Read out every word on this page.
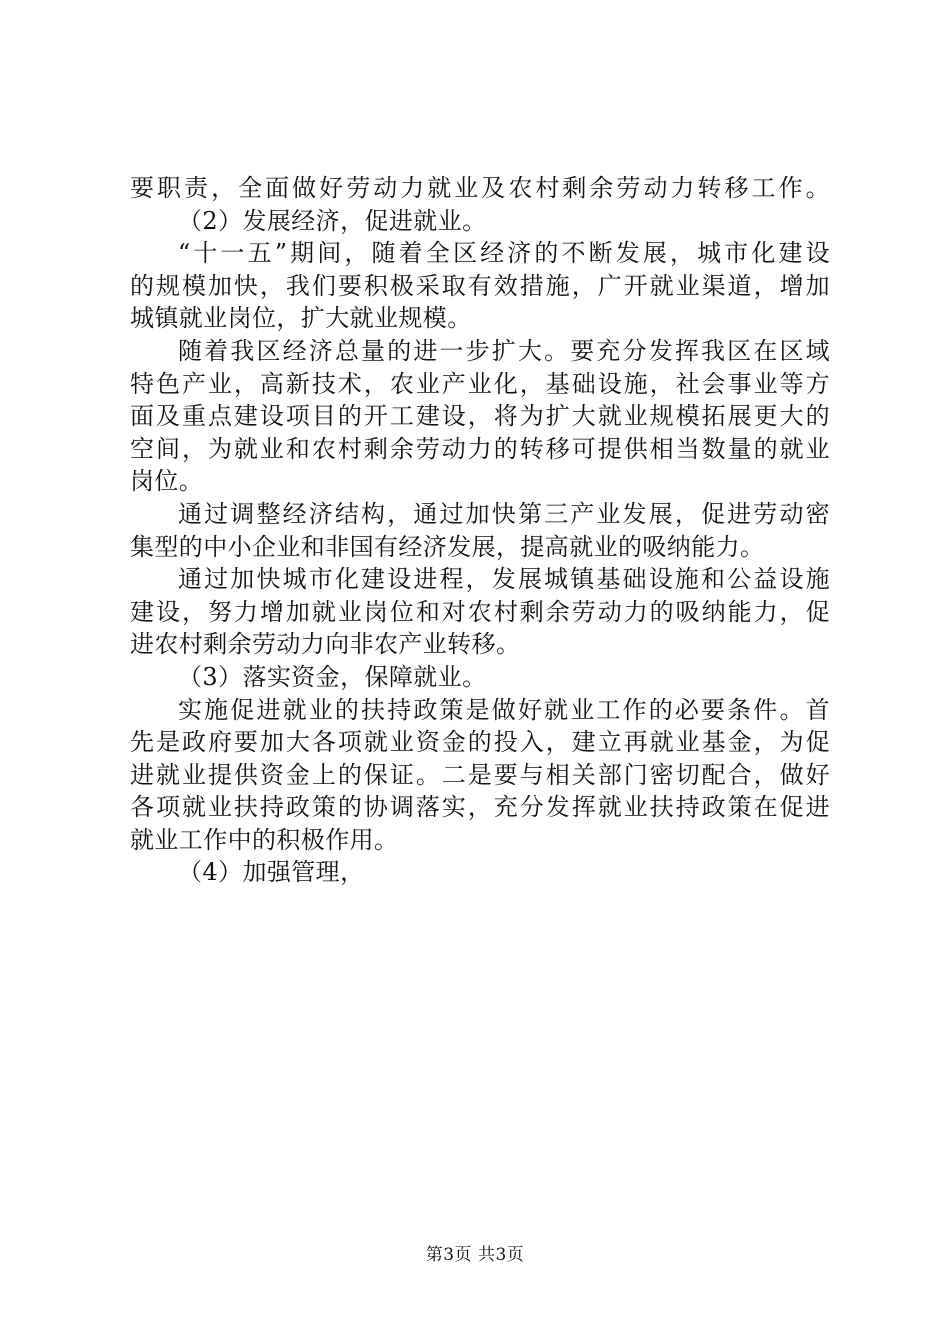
要职责，全面做好劳动力就业及农村剩余劳动力转移工作。
（2）发展经济，促进就业。
“十一五”期间，随着全区经济的不断发展，城市化建设
的规模加快，我们要积极采取有效措施，广开就业渠道，增加
城镇就业岗位，扩大就业规模。
随着我区经济总量的进一步扩大。要充分发挥我区在区域
特色产业，高新技术，农业产业化，基础设施，社会事业等方
面及重点建设项目的开工建设，将为扩大就业规模拓展更大的
空间，为就业和农村剩余劳动力的转移可提供相当数量的就业
岗位。
通过调整经济结构，通过加快第三产业发展，促进劳动密
集型的中小企业和非国有经济发展，提高就业的吸纳能力。
通过加快城市化建设进程，发展城镇基础设施和公益设施
建设，努力增加就业岗位和对农村剩余劳动力的吸纳能力，促
进农村剩余劳动力向非农产业转移。
（3）落实资金，保障就业。
实施促进就业的扶持政策是做好就业工作的必要条件。首
先是政府要加大各项就业资金的投入，建立再就业基金，为促
进就业提供资金上的保证。二是要与相关部门密切配合，做好
各项就业扶持政策的协调落实，充分发挥就业扶持政策在促进
就业工作中的积极作用。
（4）加强管理，
第3页 共3页
